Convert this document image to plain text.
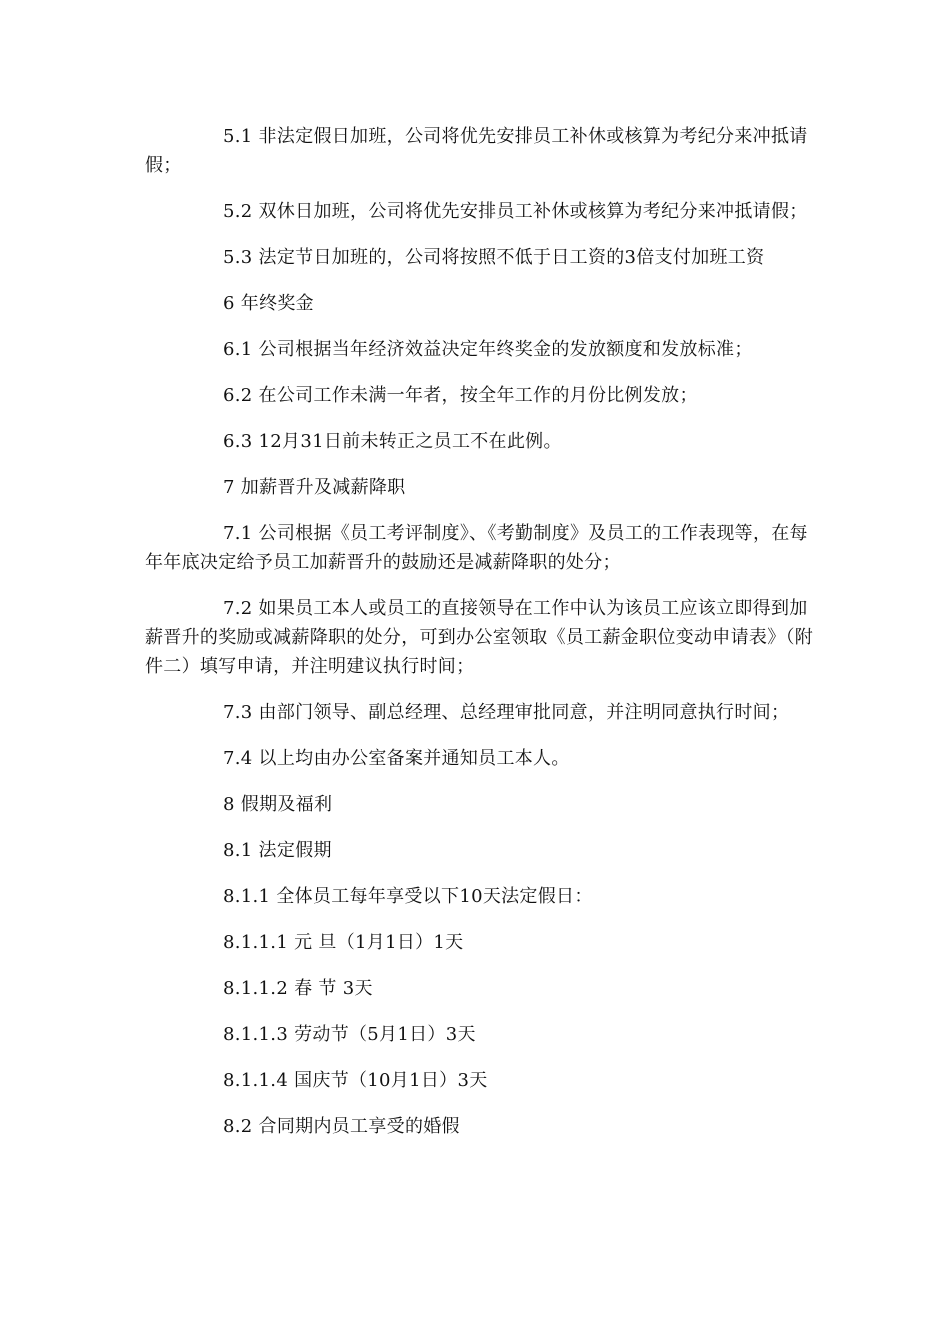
5.1 非法定假日加班，公司将优先安排员工补休或核算为考纪分来冲抵请假；

5.2 双休日加班，公司将优先安排员工补休或核算为考纪分来冲抵请假；

5.3 法定节日加班的，公司将按照不低于日工资的3倍支付加班工资

6 年终奖金

6.1 公司根据当年经济效益决定年终奖金的发放额度和发放标准；

6.2 在公司工作未满一年者，按全年工作的月份比例发放；

6.3 12月31日前未转正之员工不在此例。

7 加薪晋升及减薪降职

7.1 公司根据《员工考评制度》、《考勤制度》及员工的工作表现等，在每年年底决定给予员工加薪晋升的鼓励还是减薪降职的处分；

7.2 如果员工本人或员工的直接领导在工作中认为该员工应该立即得到加薪晋升的奖励或减薪降职的处分，可到办公室领取《员工薪金职位变动申请表》（附件二）填写申请，并注明建议执行时间；

7.3 由部门领导、副总经理、总经理审批同意，并注明同意执行时间；

7.4 以上均由办公室备案并通知员工本人。

8 假期及福利

8.1 法定假期

8.1.1 全体员工每年享受以下10天法定假日：

8.1.1.1 元 旦（1月1日）1天

8.1.1.2 春 节 3天

8.1.1.3 劳动节（5月1日）3天

8.1.1.4 国庆节（10月1日）3天

8.2 合同期内员工享受的婚假
